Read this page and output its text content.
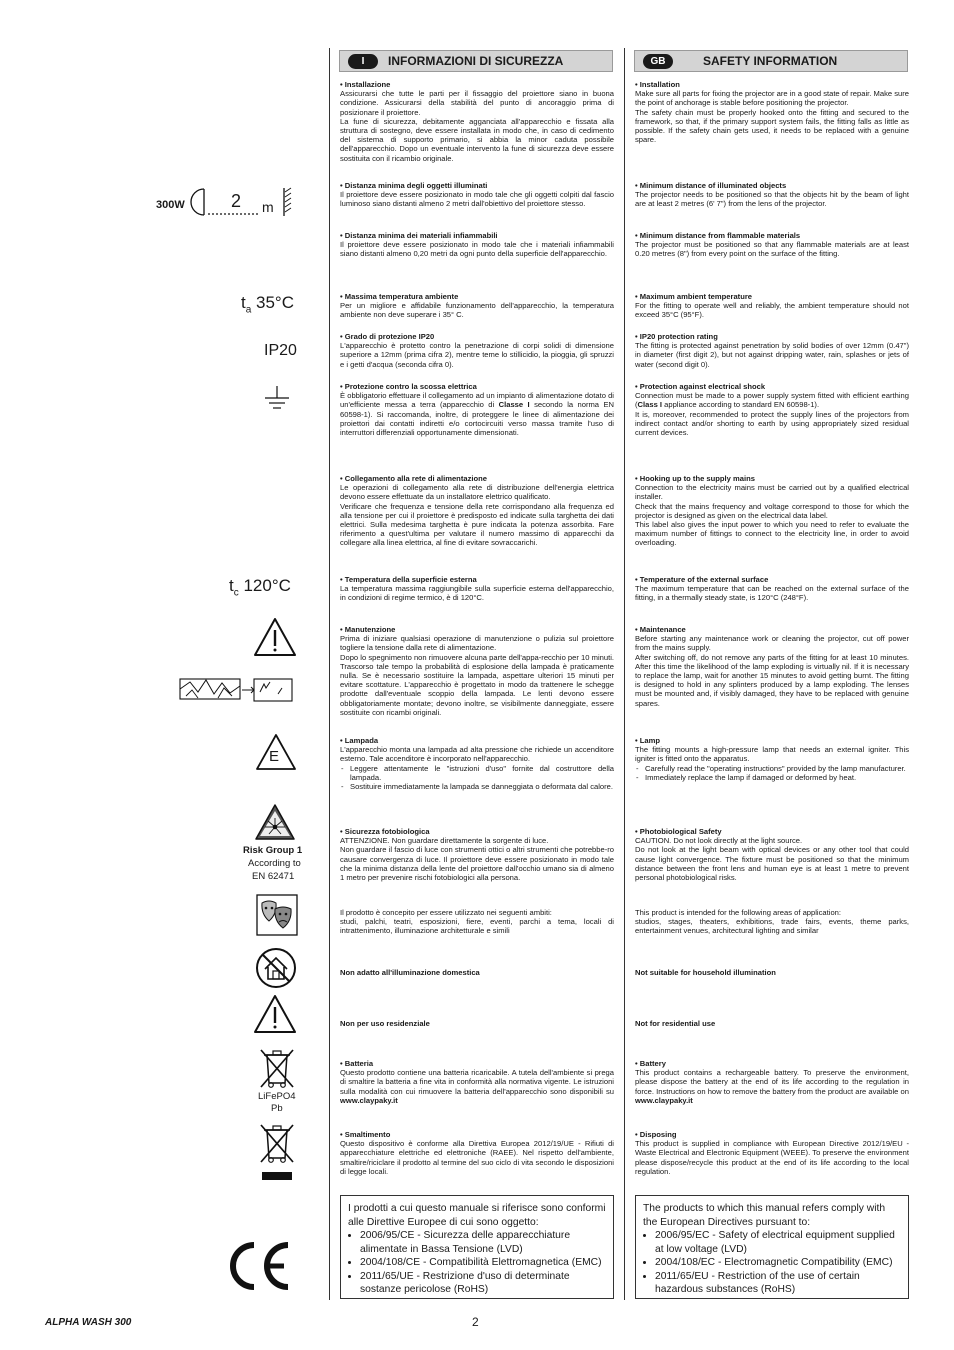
I	INFORMAZIONI DI SICUREZZA	GB	SAFETY INFORMATION
300W	2 m
$t_a$ 35°C
IP20
$t_c$ 120°C
E
Risk Group 1
According to
EN 62471
LiFePO4
Pb
• Installazione
Assicurarsi che tutte le parti per il fissaggio del proiettore siano in buona condizione. Assicurarsi della stabilità del punto di ancoraggio prima di posizionare il proiettore.
La fune di sicurezza, debitamente agganciata all'apparecchio e fissata alla struttura di sostegno, deve essere installata in modo che, in caso di cedimento del sistema di supporto primario, si abbia la minor caduta possibile dell'apparecchio. Dopo un eventuale intervento la fune di sicurezza deve essere sostituita con il ricambio originale.
• Distanza minima degli oggetti illuminati
Il proiettore deve essere posizionato in modo tale che gli oggetti colpiti dal fascio luminoso siano distanti almeno 2 metri dall'obiettivo del proiettore stesso.
• Distanza minima dei materiali infiammabili
Il proiettore deve essere posizionato in modo tale che i materiali infiammabili siano distanti almeno 0,20 metri da ogni punto della superficie dell'apparecchio.
• Massima temperatura ambiente
Per un migliore e affidabile funzionamento dell'apparecchio, la temperatura ambiente non deve superare i 35° C.
• Grado di protezione IP20
L'apparecchio è protetto contro la penetrazione di corpi solidi di dimensione superiore a 12mm (prima cifra 2), mentre teme lo stillicidio, la pioggia, gli spruzzi e i getti d'acqua (seconda cifra 0).
• Protezione contro la scossa elettrica
È obbligatorio effettuare il collegamento ad un impianto di alimentazione dotato di un'efficiente messa a terra (apparecchio di Classe I secondo la norma EN 60598-1). Si raccomanda, inoltre, di proteggere le linee di alimentazione dei proiettori dai contatti indiretti e/o cortocircuiti verso massa tramite l'uso di interruttori differenziali opportunamente dimensionati.
• Collegamento alla rete di alimentazione
Le operazioni di collegamento alla rete di distribuzione dell'energia elettrica devono essere effettuate da un installatore elettrico qualificato.
Verificare che frequenza e tensione della rete corrispondano alla frequenza ed alla tensione per cui il proiettore è predisposto ed indicate sulla targhetta dei dati elettrici. Sulla medesima targhetta è pure indicata la potenza assorbita. Fare riferimento a quest'ultima per valutare il numero massimo di apparecchi da collegare alla linea elettrica, al fine di evitare sovraccarichi.
• Temperatura della superficie esterna
La temperatura massima raggiungibile sulla superficie esterna dell'apparecchio, in condizioni di regime termico, è di 120°C.
• Manutenzione
Prima di iniziare qualsiasi operazione di manutenzione o pulizia sul proiettore togliere la tensione dalla rete di alimentazione.
Dopo lo spegnimento non rimuovere alcuna parte dell'appa-recchio per 10 minuti. Trascorso tale tempo la probabilità di esplosione della lampada è praticamente nulla. Se è necessario sostituire la lampada, aspettare ulteriori 15 minuti per evitare scottature. L'apparecchio è progettato in modo da trattenere le schegge prodotte dall'eventuale scoppio della lampada. Le lenti devono essere obbligatoriamente montate; devono inoltre, se visibilmente danneggiate, essere sostituite con ricambi originali.
• Lampada
L'apparecchio monta una lampada ad alta pressione che richiede un accenditore esterno. Tale accenditore è incorporato nell'apparecchio.
- Leggere attentamente le "istruzioni d'uso" fornite dal costruttore della lampada.
- Sostituire immediatamente la lampada se danneggiata o deformata dal calore.
• Sicurezza fotobiologica
ATTENZIONE. Non guardare direttamente la sorgente di luce.
Non guardare il fascio di luce con strumenti ottici o altri strumenti che potrebbe-ro causare convergenza di luce. Il proiettore deve essere posizionato in modo tale che la minima distanza della lente del proiettore dall'occhio umano sia di almeno 1 metro per prevenire rischi fotobiologici alla persona.
Il prodotto è concepito per essere utilizzato nei seguenti ambiti:
studi, palchi, teatri, esposizioni, fiere, eventi, parchi a tema, locali di intrattenimento, illuminazione architetturale e simili
Non adatto all'illuminazione domestica
Non per uso residenziale
• Batteria
Questo prodotto contiene una batteria ricaricabile. A tutela dell'ambiente si prega di smaltire la batteria a fine vita in conformità alla normativa vigente. Le istruzioni sulla modalità con cui rimuovere la batteria dell'apparecchio sono disponibili su www.claypaky.it
• Smaltimento
Questo dispositivo è conforme alla Direttiva Europea 2012/19/UE - Rifiuti di apparecchiature elettriche ed elettroniche (RAEE). Nel rispetto dell'ambiente, smaltire/riciclare il prodotto al termine del suo ciclo di vita secondo le disposizioni di legge locali.
I prodotti a cui questo manuale si riferisce sono conformi alle Direttive Europee di cui sono oggetto:
• 2006/95/CE - Sicurezza delle apparecchiature alimentate in Bassa Tensione (LVD)
• 2004/108/CE - Compatibilità Elettromagnetica (EMC)
• 2011/65/UE - Restrizione d'uso di determinate sostanze pericolose (RoHS)
• Installation
Make sure all parts for fixing the projector are in a good state of repair. Make sure the point of anchorage is stable before positioning the projector.
The safety chain must be properly hooked onto the fitting and secured to the framework, so that, if the primary support system fails, the fitting falls as little as possible. If the safety chain gets used, it needs to be replaced with a genuine spare.
• Minimum distance of illuminated objects
The projector needs to be positioned so that the objects hit by the beam of light are at least 2 metres (6' 7") from the lens of the projector.
• Minimum distance from flammable materials
The projector must be positioned so that any flammable materials are at least 0.20 metres (8") from every point on the surface of the fitting.
• Maximum ambient temperature
For the fitting to operate well and reliably, the ambient temperature should not exceed 35°C (95°F).
• IP20 protection rating
The fitting is protected against penetration by solid bodies of over 12mm (0.47") in diameter (first digit 2), but not against dripping water, rain, splashes or jets of water (second digit 0).
• Protection against electrical shock
Connection must be made to a power supply system fitted with efficient earthing (Class I appliance according to standard EN 60598-1).
It is, moreover, recommended to protect the supply lines of the projectors from indirect contact and/or shorting to earth by using appropriately sized residual current devices.
• Hooking up to the supply mains
Connection to the electricity mains must be carried out by a qualified electrical installer.
Check that the mains frequency and voltage correspond to those for which the projector is designed as given on the electrical data label.
This label also gives the input power to which you need to refer to evaluate the maximum number of fittings to connect to the electricity line, in order to avoid overloading.
• Temperature of the external surface
The maximum temperature that can be reached on the external surface of the fitting, in a thermally steady state, is 120°C (248°F).
• Maintenance
Before starting any maintenance work or cleaning the projector, cut off power from the mains supply.
After switching off, do not remove any parts of the fitting for at least 10 minutes. After this time the likelihood of the lamp exploding is virtually nil. If it is necessary to replace the lamp, wait for another 15 minutes to avoid getting burnt. The fitting is designed to hold in any splinters produced by a lamp exploding. The lenses must be mounted and, if visibly damaged, they have to be replaced with genuine spares.
• Lamp
The fitting mounts a high-pressure lamp that needs an external igniter. This igniter is fitted onto the apparatus.
- Carefully read the "operating instructions" provided by the lamp manufacturer.
- Immediately replace the lamp if damaged or deformed by heat.
• Photobiological Safety
CAUTION. Do not look directly at the light source.
Do not look at the light beam with optical devices or any other tool that could cause light convergence. The fixture must be positioned so that the minimum distance between the front lens and human eye is at least 1 metre to prevent personal photobiological risks.
This product is intended for the following areas of application:
studios, stages, theaters, exhibitions, trade fairs, events, theme parks, entertainment venues, architectural lighting and similar
Not suitable for household illumination
Not for residential use
• Battery
This product contains a rechargeable battery. To preserve the environment, please dispose the battery at the end of its life according to the regulation in force. Instructions on how to remove the battery from the product are available on www.claypaky.it
• Disposing
This product is supplied in compliance with European Directive 2012/19/EU - Waste Electrical and Electronic Equipment (WEEE). To preserve the environment please dispose/recycle this product at the end of its life according to the local regulation.
The products to which this manual refers comply with the European Directives pursuant to:
• 2006/95/EC - Safety of electrical equipment supplied at low voltage (LVD)
• 2004/108/EC - Electromagnetic Compatibility (EMC)
• 2011/65/EU - Restriction of the use of certain hazardous substances (RoHS)
ALPHA WASH 300	2
